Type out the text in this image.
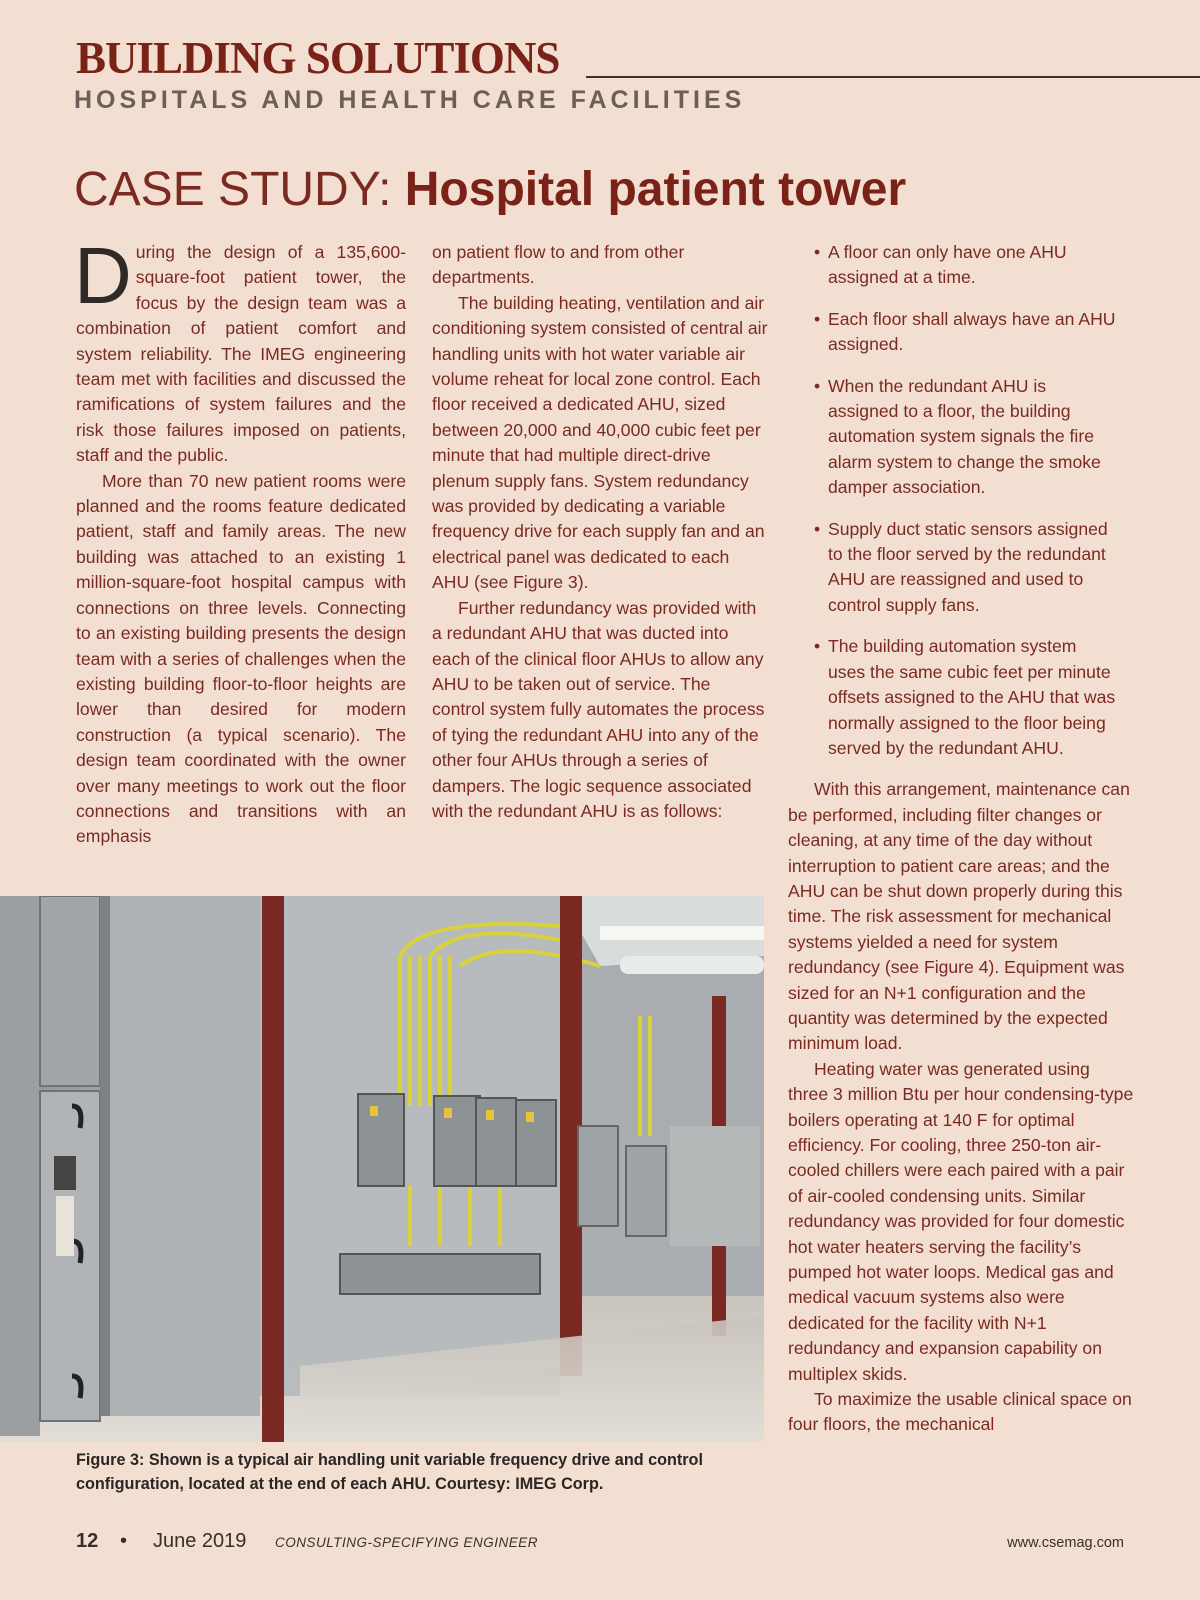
BUILDING SOLUTIONS
HOSPITALS AND HEALTH CARE FACILITIES
CASE STUDY: Hospital patient tower

During the design of a 135,600-square-foot patient tower, the focus by the design team was a combination of patient comfort and system reliability. The IMEG engineering team met with facilities and discussed the ramifications of system failures and the risk those failures imposed on patients, staff and the public.

More than 70 new patient rooms were planned and the rooms feature dedicated patient, staff and family areas. The new building was attached to an existing 1 million-square-foot hospital campus with connections on three levels. Connecting to an existing building presents the design team with a series of challenges when the existing building floor-to-floor heights are lower than desired for modern construction (a typical scenario). The design team coordinated with the owner over many meetings to work out the floor connections and transitions with an emphasis

on patient flow to and from other departments.

The building heating, ventilation and air conditioning system consisted of central air handling units with hot water variable air volume reheat for local zone control. Each floor received a dedicated AHU, sized between 20,000 and 40,000 cubic feet per minute that had multiple direct-drive plenum supply fans. System redundancy was provided by dedicating a variable frequency drive for each supply fan and an electrical panel was dedicated to each AHU (see Figure 3).

Further redundancy was provided with a redundant AHU that was ducted into each of the clinical floor AHUs to allow any AHU to be taken out of service. The control system fully automates the process of tying the redundant AHU into any of the other four AHUs through a series of dampers. The logic sequence associated with the redundant AHU is as follows:

• A floor can only have one AHU assigned at a time.
• Each floor shall always have an AHU assigned.
• When the redundant AHU is assigned to a floor, the building automation system signals the fire alarm system to change the smoke damper association.
• Supply duct static sensors assigned to the floor served by the redundant AHU are reassigned and used to control supply fans.
• The building automation system uses the same cubic feet per minute offsets assigned to the AHU that was normally assigned to the floor being served by the redundant AHU.

With this arrangement, maintenance can be performed, including filter changes or cleaning, at any time of the day without interruption to patient care areas; and the AHU can be shut down properly during this time. The risk assessment for mechanical systems yielded a need for system redundancy (see Figure 4). Equipment was sized for an N+1 configuration and the quantity was determined by the expected minimum load.

Heating water was generated using three 3 million Btu per hour condensing-type boilers operating at 140 F for optimal efficiency. For cooling, three 250-ton air-cooled chillers were each paired with a pair of air-cooled condensing units. Similar redundancy was provided for four domestic hot water heaters serving the facility’s pumped hot water loops. Medical gas and medical vacuum systems also were dedicated for the facility with N+1 redundancy and expansion capability on multiplex skids.

To maximize the usable clinical space on four floors, the mechanical

Figure 3: Shown is a typical air handling unit variable frequency drive and control configuration, located at the end of each AHU. Courtesy: IMEG Corp.

12 • June 2019 CONSULTING-SPECIFYING ENGINEER	www.csemag.com
